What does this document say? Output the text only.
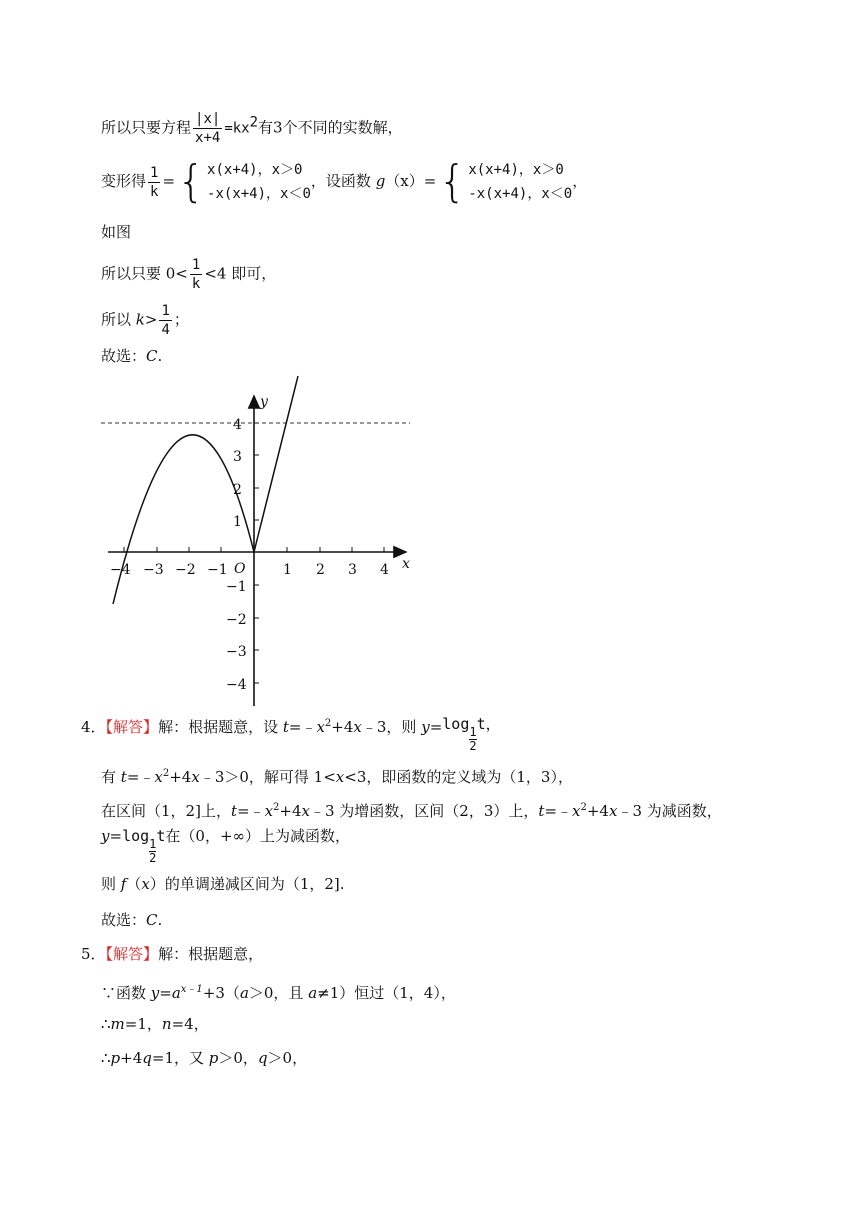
所以只要方程 $\frac{|x|}{x+4} =kx^2$有3个不同的实数解，
变形得 $\frac{1}{k}$ ={ x(x+4)，x＞0
-x(x+4)，x＜0
，设函数 g（x）={ x(x+4)，x＞0
-x(x+4)，x＜0
，
如图
所以只要 $0< \frac{1}{k} <4$ 即可，
所以 $k> \frac{1}{4}$ ；
故选：C.
−4 −3 −2 −1 O	1 2 3 4 x
y
4
3
2
1
−1
−2
−3
−4
4．【解答】解：根据题意，设 $t=﹣x^2+4x﹣3$，则 y=log
$\frac{1}{2}$
t，
有 $t=﹣x^2+4x﹣3>0$，解可得 1<x<3，即函数的定义域为（1，3），
在区间（1，2]上，$t=﹣x^2+4x﹣3$ 为增函数，区间（2，3）上，$t=﹣x^2+4x﹣3$ 为减函数，
y=log
$\frac{1}{2}$
t在（0，+∞）上为减函数，
则 f（x）的单调递减区间为（1，2].
故选：C.
5．【解答】解：根据题意，
∵函数 $y=a^{x﹣1}+3(a>0$，且 a≠1）恒过（1，4），
∴m=1，n=4，
∴p+4q=1，又 p＞0，q＞0，
